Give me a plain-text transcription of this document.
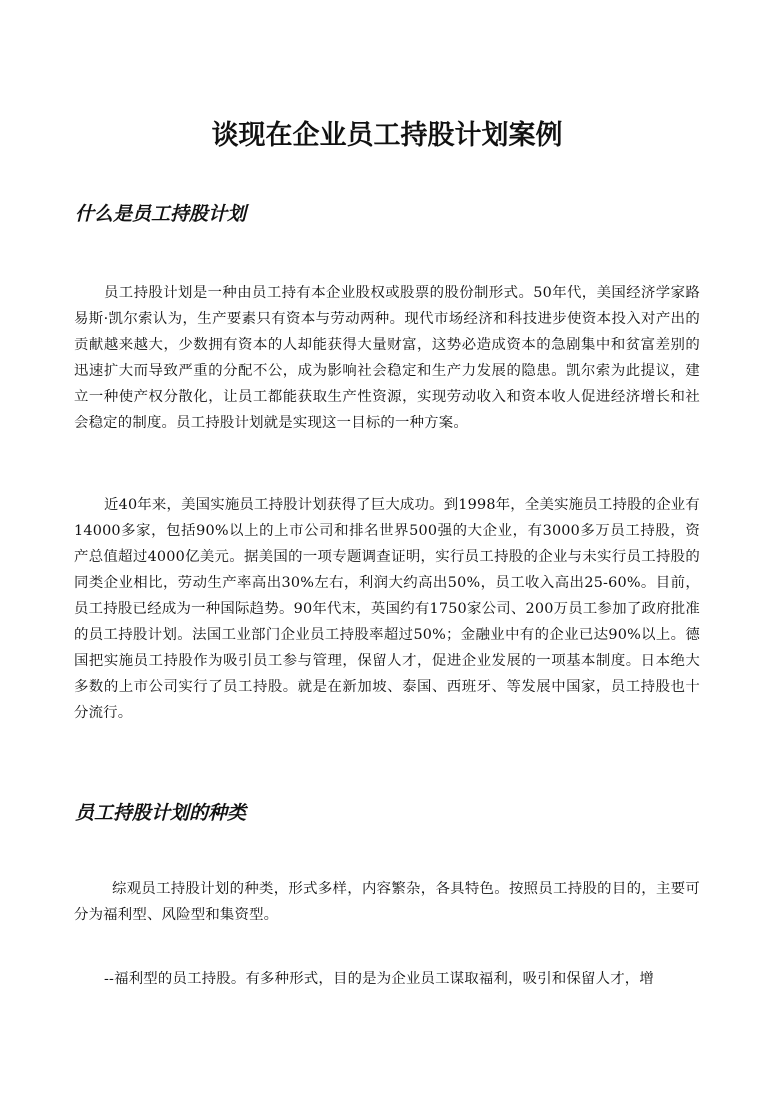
谈现在企业员工持股计划案例
什么是员工持股计划

员工持股计划是一种由员工持有本企业股权或股票的股份制形式。50年代，美国经济学家路易斯·凯尔索认为，生产要素只有资本与劳动两种。现代市场经济和科技进步使资本投入对产出的贡献越来越大，少数拥有资本的人却能获得大量财富，这势必造成资本的急剧集中和贫富差别的迅速扩大而导致严重的分配不公，成为影响社会稳定和生产力发展的隐患。凯尔索为此提议，建立一种使产权分散化，让员工都能获取生产性资源，实现劳动收入和资本收人促进经济增长和社会稳定的制度。员工持股计划就是实现这一目标的一种方案。

近40年来，美国实施员工持股计划获得了巨大成功。到1998年，全美实施员工持股的企业有14000多家，包括90%以上的上市公司和排名世界500强的大企业，有3000多万员工持股，资产总值超过4000亿美元。据美国的一项专题调查证明，实行员工持股的企业与未实行员工持股的同类企业相比，劳动生产率高出30%左右，利润大约高出50%，员工收入高出25-60%。目前，员工持股已经成为一种国际趋势。90年代末，英国约有1750家公司、200万员工参加了政府批准的员工持股计划。法国工业部门企业员工持股率超过50%；金融业中有的企业已达90%以上。德国把实施员工持股作为吸引员工参与管理，保留人才，促进企业发展的一项基本制度。日本绝大多数的上市公司实行了员工持股。就是在新加坡、泰国、西班牙、等发展中国家，员工持股也十分流行。

员工持股计划的种类

综观员工持股计划的种类，形式多样，内容繁杂，各具特色。按照员工持股的目的，主要可分为福利型、风险型和集资型。

--福利型的员工持股。有多种形式，目的是为企业员工谋取福利，吸引和保留人才，增
